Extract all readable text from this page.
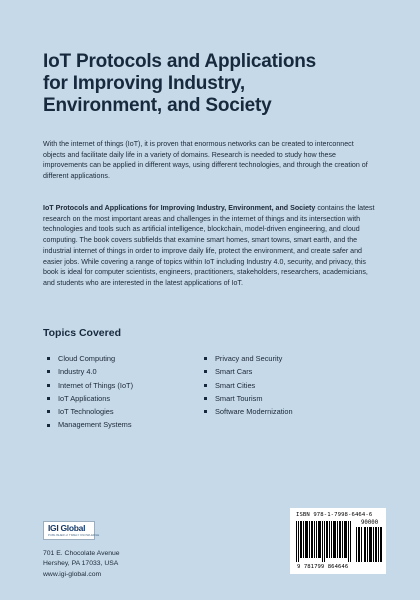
IoT Protocols and Applications
for Improving Industry,
Environment, and Society

With the internet of things (IoT), it is proven that enormous networks can be created to interconnect objects and facilitate daily life in a variety of domains. Research is needed to study how these improvements can be applied in different ways, using different technologies, and through the creation of different applications.

IoT Protocols and Applications for Improving Industry, Environment, and Society contains the latest research on the most important areas and challenges in the internet of things and its intersection with technologies and tools such as artificial intelligence, blockchain, model-driven engineering, and cloud computing. The book covers subfields that examine smart homes, smart towns, smart earth, and the industrial internet of things in order to improve daily life, protect the environment, and create safer and easier jobs. While covering a range of topics within IoT including Industry 4.0, security, and privacy, this book is ideal for computer scientists, engineers, practitioners, stakeholders, researchers, academicians, and students who are interested in the latest applications of IoT.

Topics Covered
Cloud Computing
Industry 4.0
Internet of Things (IoT)
IoT Applications
IoT Technologies
Management Systems
Privacy and Security
Smart Cars
Smart Cities
Smart Tourism
Software Modernization
IGI Global
PUBLISHER of TIMELY KNOWLEDGE
701 E. Chocolate Avenue
Hershey, PA 17033, USA
www.igi-global.com
ISBN 978-1-7998-6464-6
90000
9 781799 864646
